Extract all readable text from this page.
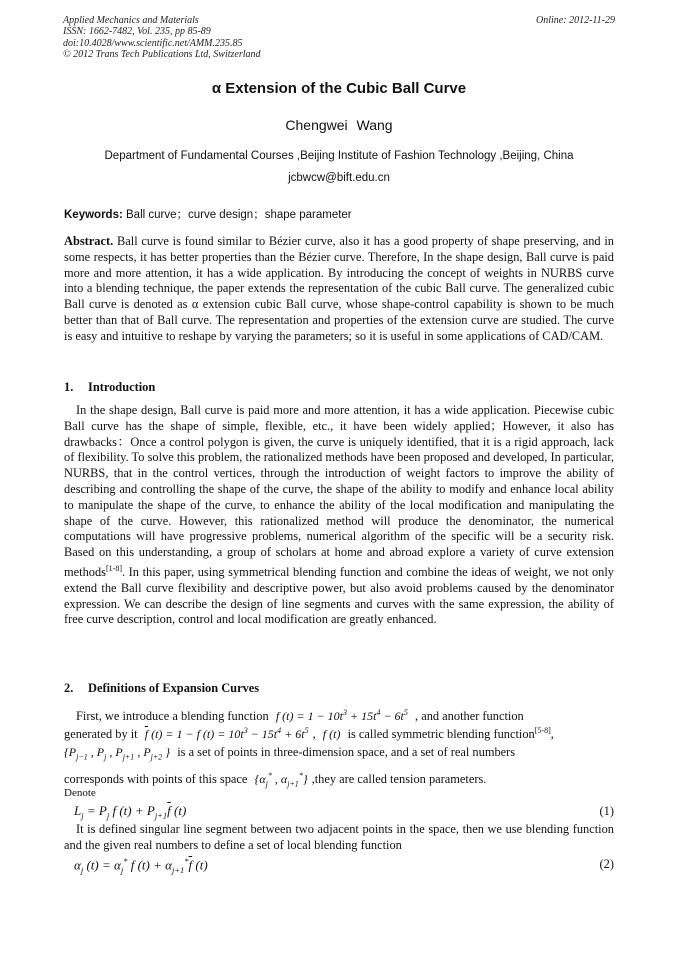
Applied Mechanics and Materials
ISSN: 1662-7482, Vol. 235, pp 85-89
doi:10.4028/www.scientific.net/AMM.235.85
© 2012 Trans Tech Publications Ltd, Switzerland
Online: 2012-11-29
α Extension of the Cubic Ball Curve
Chengwei Wang
Department of Fundamental Courses ,Beijing Institute of Fashion Technology ,Beijing, China
jcbwcw@bift.edu.cn
Keywords: Ball curve；curve design；shape parameter
Abstract. Ball curve is found similar to Bézier curve, also it has a good property of shape preserving, and in some respects, it has better properties than the Bézier curve. Therefore, In the shape design, Ball curve is paid more and more attention, it has a wide application. By introducing the concept of weights in NURBS curve into a blending technique, the paper extends the representation of the cubic Ball curve. The generalized cubic Ball curve is denoted as α extension cubic Ball curve, whose shape-control capability is shown to be much better than that of Ball curve. The representation and properties of the extension curve are studied. The curve is easy and intuitive to reshape by varying the parameters; so it is useful in some applications of CAD/CAM.
1. Introduction
In the shape design, Ball curve is paid more and more attention, it has a wide application. Piecewise cubic Ball curve has the shape of simple, flexible, etc., it have been widely applied；However, it also has drawbacks：Once a control polygon is given, the curve is uniquely identified, that it is a rigid approach, lack of flexibility. To solve this problem, the rationalized methods have been proposed and developed, In particular, NURBS, that in the control vertices, through the introduction of weight factors to improve the ability of describing and controlling the shape of the curve, the shape of the ability to modify and enhance local ability to manipulate the shape of the curve, to enhance the ability of the local modification and manipulating the shape of the curve. However, this rationalized method will produce the denominator, the numerical computations will have progressive problems, numerical algorithm of the specific will be a security risk. Based on this understanding, a group of scholars at home and abroad explore a variety of curve extension methods[1-8]. In this paper, using symmetrical blending function and combine the ideas of weight, we not only extend the Ball curve flexibility and descriptive power, but also avoid problems caused by the denominator expression. We can describe the design of line segments and curves with the same expression, the ability of free curve description, control and local modification are greatly enhanced.
2. Definitions of Expansion Curves
First, we introduce a blending function f $(t) = 1 - 10t^3 + 15t^4 - 6t^5$ , and another function
generated by it $\overline{f}$ (t) = 1 − f $(t) = 10t^3 - 15t^4 + 6t^5$ , f (t) is called symmetric blending function[5-8],
{$P_{j-1}$ , $P_j$ , $P_{j+1}$ , $P_{j+2}$ } is a set of points in three-dimension space, and a set of real numbers
corresponds with points of this space {$\alpha_j^*$ , $\alpha_{j+1}^*$} ,they are called tension parameters.
Denote
$L_j = P_j$ f $(t) + P_{j+1}\overline{f}$ (t)	(1)
It is defined singular line segment between two adjacent points in the space, then we use blending function and the given real numbers to define a set of local blending function
$\alpha_j$ $(t) = \alpha_j^*$ f $(t) + \alpha_{j+1}^*\overline{f}$ (t)	(2)
